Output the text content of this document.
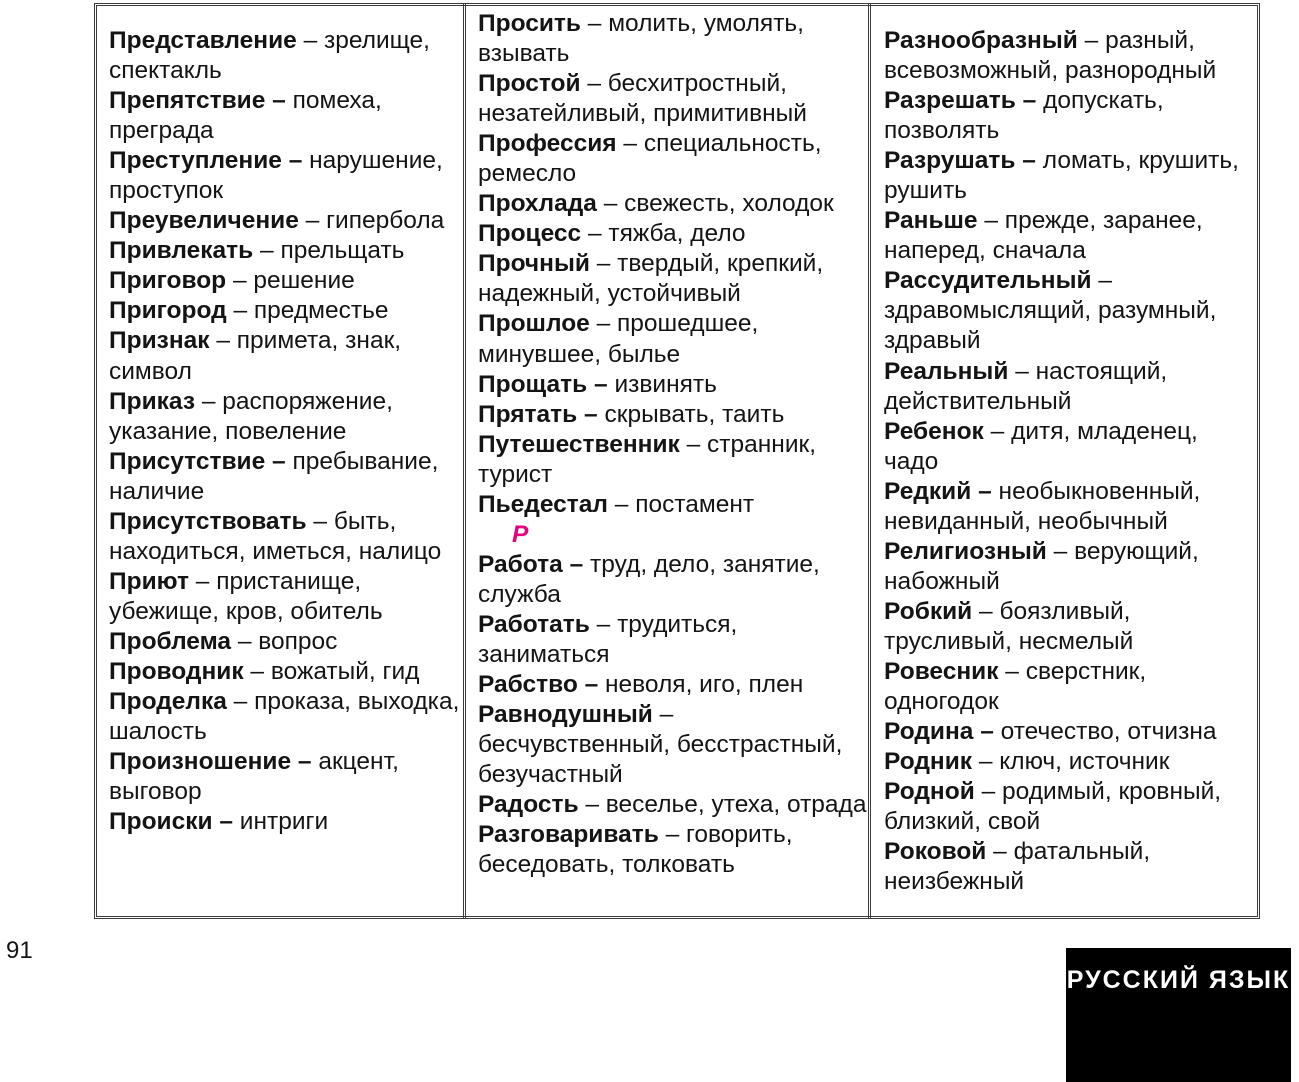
Представление – зрелище, спектакль

Препятствие – помеха, преграда

Преступление – нарушение, проступок

Преувеличение – гипербола

Привлекать – прельщать

Приговор – решение

Пригород – предместье

Признак – примета, знак, символ

Приказ – распоряжение, указание, повеление

Присутствие – пребывание, наличие

Присутствовать – быть, находиться, иметься, налицо

Приют – пристанище, убежище, кров, обитель

Проблема – вопрос

Проводник – вожатый, гид

Проделка – проказа, выходка, шалость

Произношение – акцент, выговор

Происки – интриги

Просить – молить, умолять, взывать

Простой – бесхитростный, незатейливый, примитивный

Профессия – специальность, ремесло

Прохлада – свежесть, холодок

Процесс – тяжба, дело

Прочный – твердый, крепкий, надежный, устойчивый

Прошлое – прошедшее, минувшее, былье

Прощать – извинять

Прятать – скрывать, таить

Путешественник – странник, турист

Пьедестал – постамент

Р

Работа – труд, дело, занятие, служба

Работать – трудиться, заниматься

Рабство – неволя, иго, плен

Равнодушный – бесчувственный, бесстрастный, безучастный

Радость – веселье, утеха, отрада

Разговаривать – говорить, беседовать, толковать

Разнообразный – разный, всевозможный, разнородный

Разрешать – допускать, позволять

Разрушать – ломать, крушить, рушить

Раньше – прежде, заранее, наперед, сначала

Рассудительный – здравомыслящий, разумный, здравый

Реальный – настоящий, действительный

Ребенок – дитя, младенец, чадо

Редкий – необыкновенный, невиданный, необычный

Религиозный – верующий, набожный

Робкий – боязливый, трусливый, несмелый

Ровесник – сверстник, одногодок

Родина – отечество, отчизна

Родник – ключ, источник

Родной – родимый, кровный, близкий, свой

Роковой – фатальный, неизбежный

91
РУССКИЙ ЯЗЫК
